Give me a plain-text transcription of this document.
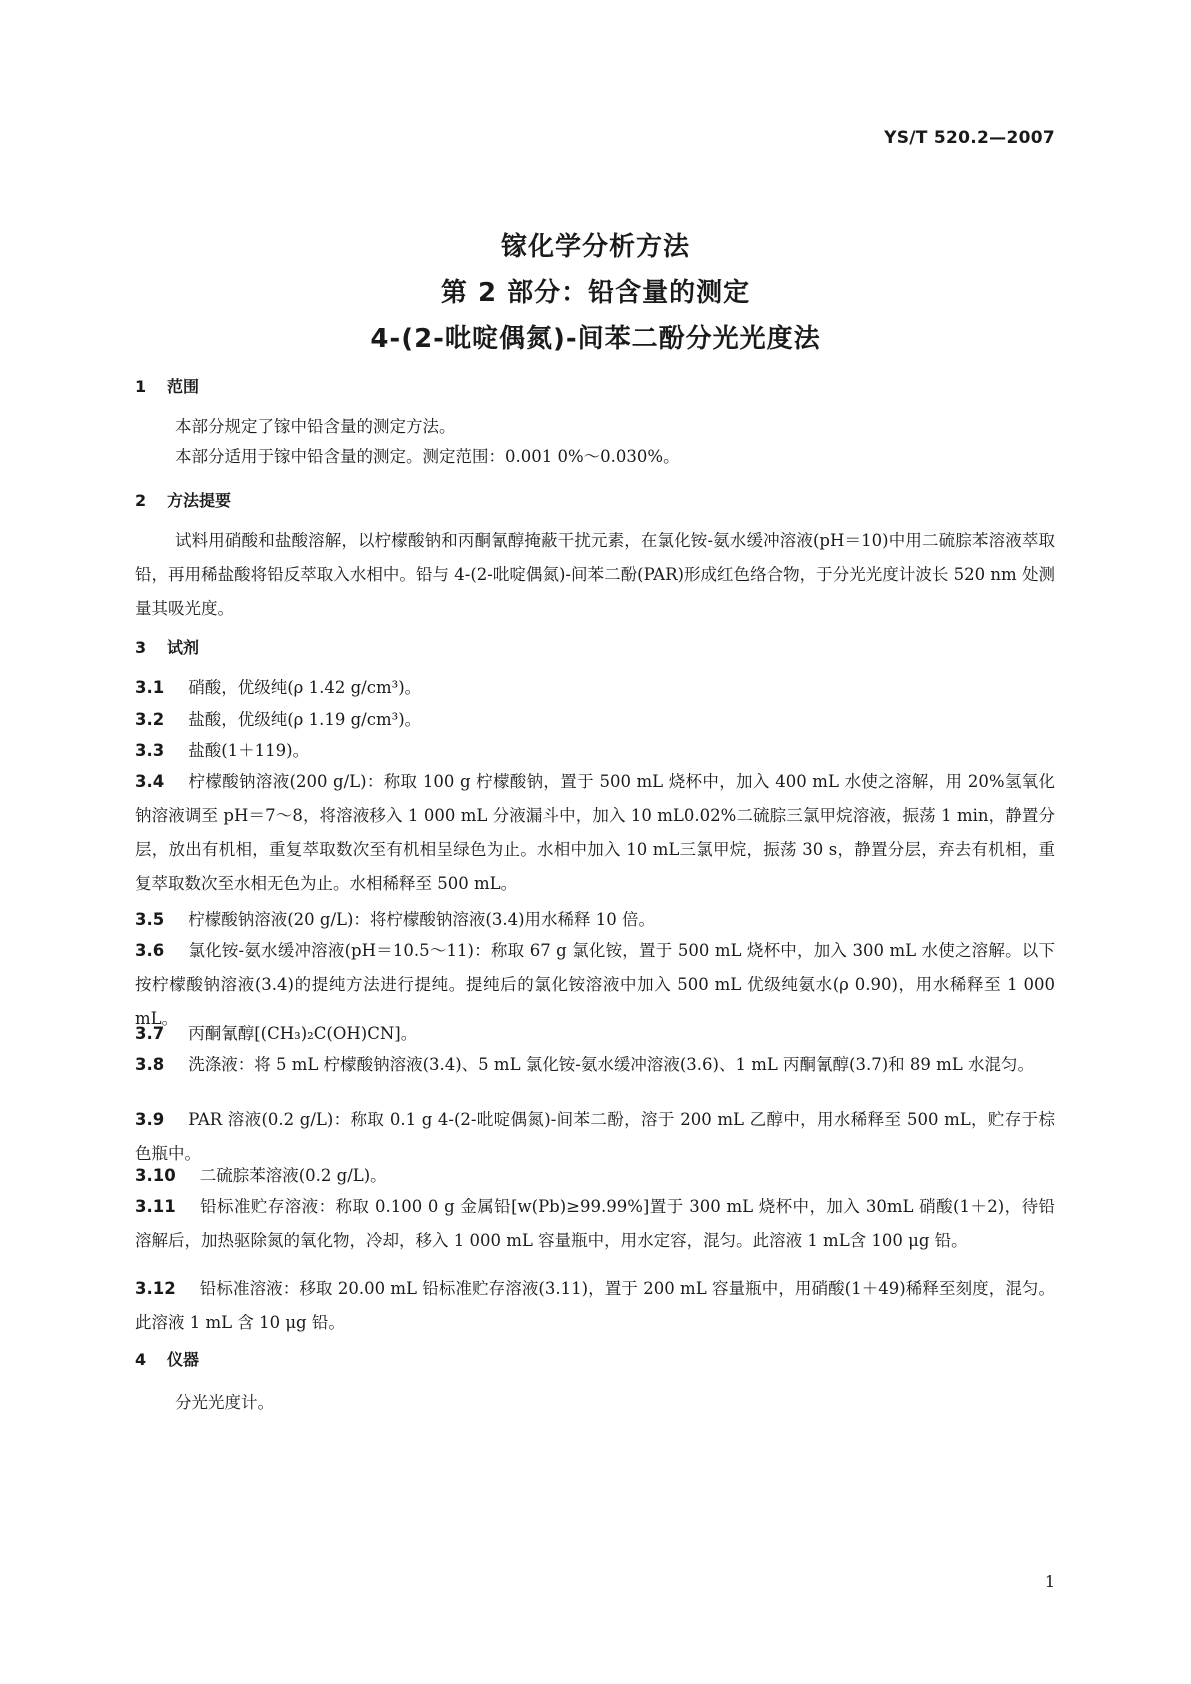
YS/T 520.2—2007
镓化学分析方法
第 2 部分：铅含量的测定
4-(2-吡啶偶氮)-间苯二酚分光光度法
1 范围
本部分规定了镓中铅含量的测定方法。
本部分适用于镓中铅含量的测定。测定范围：0.001 0%～0.030%。
2 方法提要
试料用硝酸和盐酸溶解，以柠檬酸钠和丙酮氰醇掩蔽干扰元素，在氯化铵-氨水缓冲溶液(pH＝10)中用二硫腙苯溶液萃取铅，再用稀盐酸将铅反萃取入水相中。铅与 4-(2-吡啶偶氮)-间苯二酚(PAR)形成红色络合物，于分光光度计波长 520 nm 处测量其吸光度。
3 试剂
3.1 硝酸，优级纯(ρ 1.42 g/cm³)。
3.2 盐酸，优级纯(ρ 1.19 g/cm³)。
3.3 盐酸(1＋119)。
3.4 柠檬酸钠溶液(200 g/L)：称取 100 g 柠檬酸钠，置于 500 mL 烧杯中，加入 400 mL 水使之溶解，用 20%氢氧化钠溶液调至 pH＝7～8，将溶液移入 1 000 mL 分液漏斗中，加入 10 mL0.02%二硫腙三氯甲烷溶液，振荡 1 min，静置分层，放出有机相，重复萃取数次至有机相呈绿色为止。水相中加入 10 mL三氯甲烷，振荡 30 s，静置分层，弃去有机相，重复萃取数次至水相无色为止。水相稀释至 500 mL。
3.5 柠檬酸钠溶液(20 g/L)：将柠檬酸钠溶液(3.4)用水稀释 10 倍。
3.6 氯化铵-氨水缓冲溶液(pH＝10.5～11)：称取 67 g 氯化铵，置于 500 mL 烧杯中，加入 300 mL 水使之溶解。以下按柠檬酸钠溶液(3.4)的提纯方法进行提纯。提纯后的氯化铵溶液中加入 500 mL 优级纯氨水(ρ 0.90)，用水稀释至 1 000 mL。
3.7 丙酮氰醇[(CH₃)₂C(OH)CN]。
3.8 洗涤液：将 5 mL 柠檬酸钠溶液(3.4)、5 mL 氯化铵-氨水缓冲溶液(3.6)、1 mL 丙酮氰醇(3.7)和 89 mL 水混匀。
3.9 PAR 溶液(0.2 g/L)：称取 0.1 g 4-(2-吡啶偶氮)-间苯二酚，溶于 200 mL 乙醇中，用水稀释至 500 mL，贮存于棕色瓶中。
3.10 二硫腙苯溶液(0.2 g/L)。
3.11 铅标准贮存溶液：称取 0.100 0 g 金属铅[w(Pb)≥99.99%]置于 300 mL 烧杯中，加入 30mL 硝酸(1＋2)，待铅溶解后，加热驱除氮的氧化物，冷却，移入 1 000 mL 容量瓶中，用水定容，混匀。此溶液 1 mL含 100 μg 铅。
3.12 铅标准溶液：移取 20.00 mL 铅标准贮存溶液(3.11)，置于 200 mL 容量瓶中，用硝酸(1＋49)稀释至刻度，混匀。此溶液 1 mL 含 10 μg 铅。
4 仪器
分光光度计。
1
